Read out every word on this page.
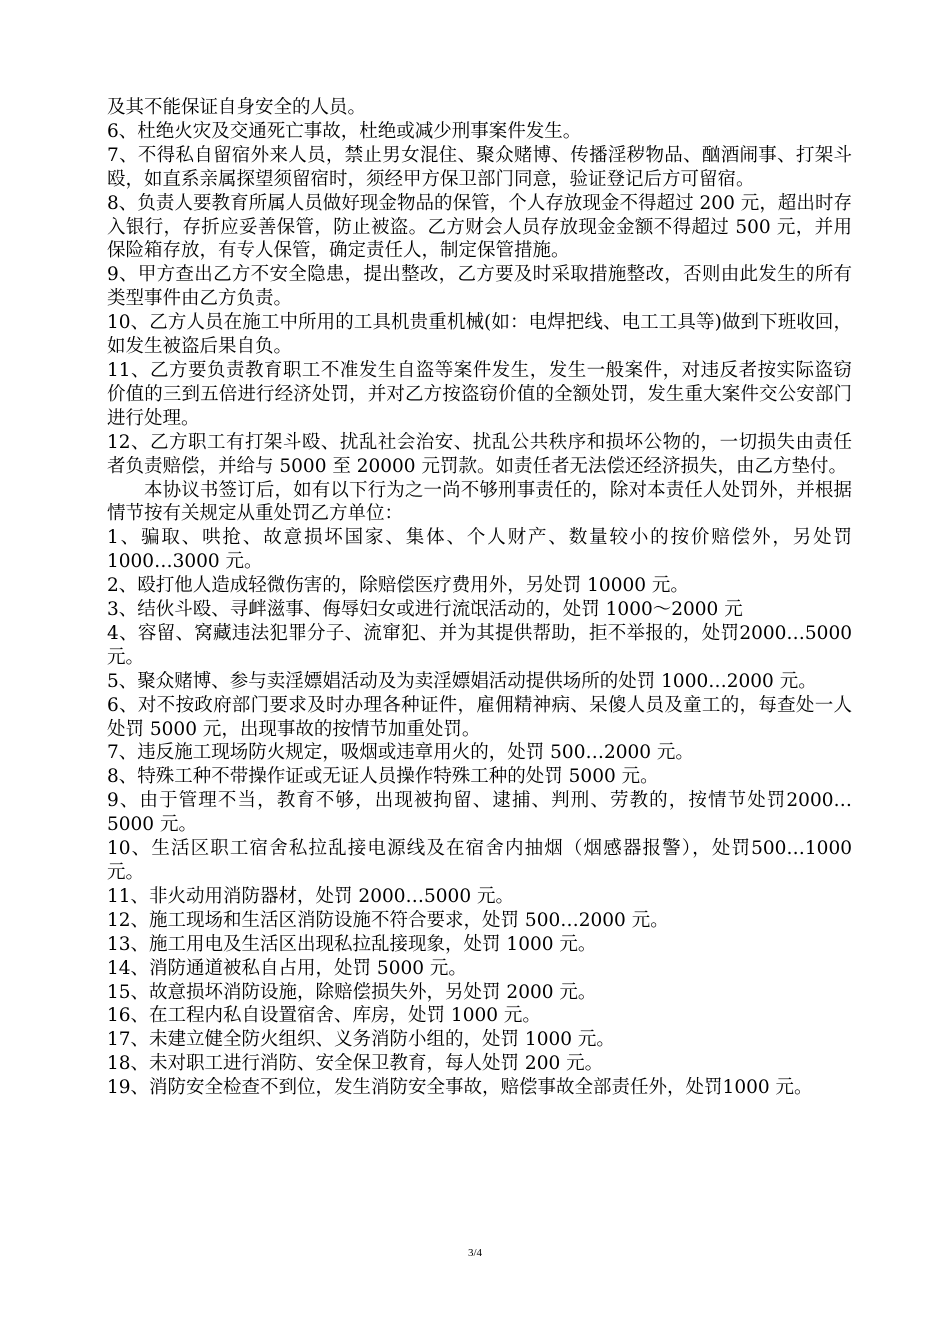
及其不能保证自身安全的人员。

6、杜绝火灾及交通死亡事故，杜绝或减少刑事案件发生。

7、不得私自留宿外来人员，禁止男女混住、聚众赌博、传播淫秽物品、酗酒闹事、打架斗殴，如直系亲属探望须留宿时，须经甲方保卫部门同意，验证登记后方可留宿。

8、负责人要教育所属人员做好现金物品的保管，个人存放现金不得超过 200 元，超出时存入银行，存折应妥善保管，防止被盗。乙方财会人员存放现金金额不得超过 500 元，并用保险箱存放，有专人保管，确定责任人，制定保管措施。

9、甲方查出乙方不安全隐患，提出整改，乙方要及时采取措施整改，否则由此发生的所有类型事件由乙方负责。

10、乙方人员在施工中所用的工具机贵重机械(如：电焊把线、电工工具等)做到下班收回，如发生被盗后果自负。

11、乙方要负责教育职工不准发生自盗等案件发生，发生一般案件，对违反者按实际盗窃价值的三到五倍进行经济处罚，并对乙方按盗窃价值的全额处罚，发生重大案件交公安部门进行处理。

12、乙方职工有打架斗殴、扰乱社会治安、扰乱公共秩序和损坏公物的，一切损失由责任者负责赔偿，并给与 5000 至 20000 元罚款。如责任者无法偿还经济损失，由乙方垫付。

本协议书签订后，如有以下行为之一尚不够刑事责任的，除对本责任人处罚外，并根据情节按有关规定从重处罚乙方单位：

1、骗取、哄抢、故意损坏国家、集体、个人财产、数量较小的按价赔偿外，另处罚 1000…3000 元。

2、殴打他人造成轻微伤害的，除赔偿医疗费用外，另处罚 10000 元。

3、结伙斗殴、寻衅滋事、侮辱妇女或进行流氓活动的，处罚 1000～2000 元

4、容留、窝藏违法犯罪分子、流窜犯、并为其提供帮助，拒不举报的，处罚2000…5000 元。

5、聚众赌博、参与卖淫嫖娼活动及为卖淫嫖娼活动提供场所的处罚 1000…2000 元。

6、对不按政府部门要求及时办理各种证件，雇佣精神病、呆傻人员及童工的，每查处一人处罚 5000 元，出现事故的按情节加重处罚。

7、违反施工现场防火规定，吸烟或违章用火的，处罚 500…2000 元。

8、特殊工种不带操作证或无证人员操作特殊工种的处罚 5000 元。

9、由于管理不当，教育不够，出现被拘留、逮捕、判刑、劳教的，按情节处罚2000…5000 元。

10、生活区职工宿舍私拉乱接电源线及在宿舍内抽烟（烟感器报警），处罚500…1000 元。

11、非火动用消防器材，处罚 2000…5000 元。

12、施工现场和生活区消防设施不符合要求，处罚 500…2000 元。

13、施工用电及生活区出现私拉乱接现象，处罚 1000 元。

14、消防通道被私自占用，处罚 5000 元。

15、故意损坏消防设施，除赔偿损失外，另处罚 2000 元。

16、在工程内私自设置宿舍、库房，处罚 1000 元。

17、未建立健全防火组织、义务消防小组的，处罚 1000 元。

18、未对职工进行消防、安全保卫教育，每人处罚 200 元。

19、消防安全检查不到位，发生消防安全事故，赔偿事故全部责任外，处罚1000 元。

3/4
